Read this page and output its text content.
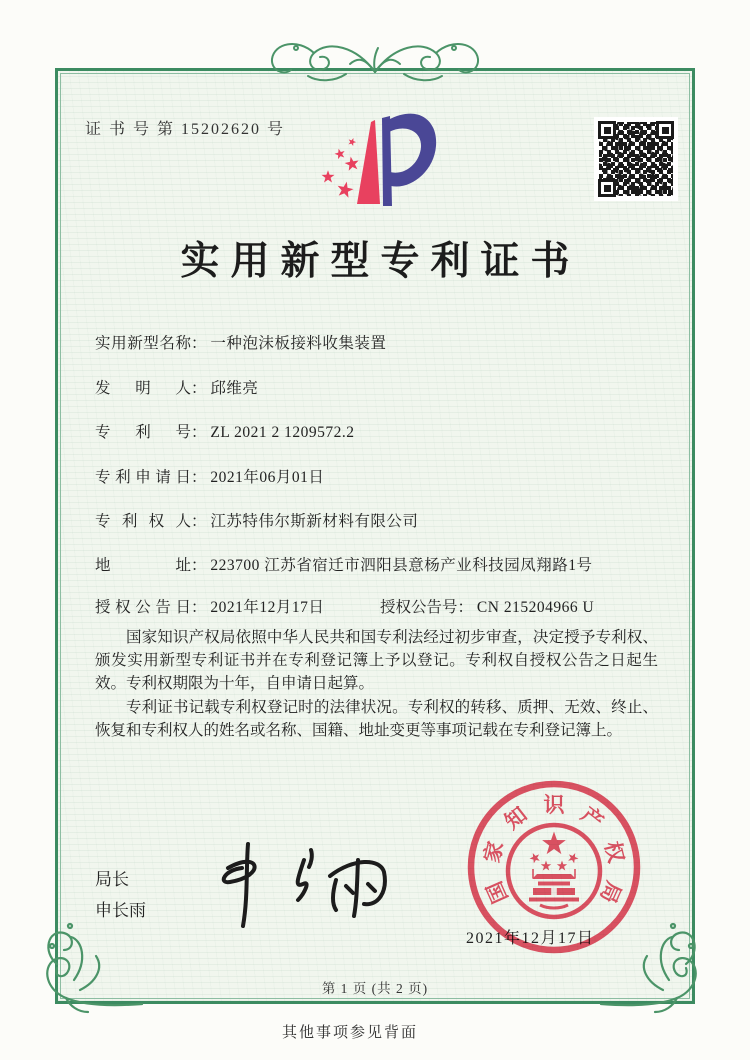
证 书 号 第 15202620 号
实用新型专利证书
实用新型名称： 一种泡沫板接料收集装置
发明人： 邱维亮
专利号： ZL 2021 2 1209572.2
专利申请日： 2021年06月01日
专利权人： 江苏特伟尔斯新材料有限公司
地址： 223700 江苏省宿迁市泗阳县意杨产业科技园凤翔路1号
授权公告日： 2021年12月17日	授权公告号： CN 215204966 U

国家知识产权局依照中华人民共和国专利法经过初步审查，决定授予专利权、颁发实用新型专利证书并在专利登记簿上予以登记。专利权自授权公告之日起生效。专利权期限为十年，自申请日起算。

专利证书记载专利权登记时的法律状况。专利权的转移、质押、无效、终止、恢复和专利权人的姓名或名称、国籍、地址变更等事项记载在专利登记簿上。

局长
申长雨
2021年12月17日
国
家
知 识 产
权
局
第 1 页 (共 2 页)
其他事项参见背面
